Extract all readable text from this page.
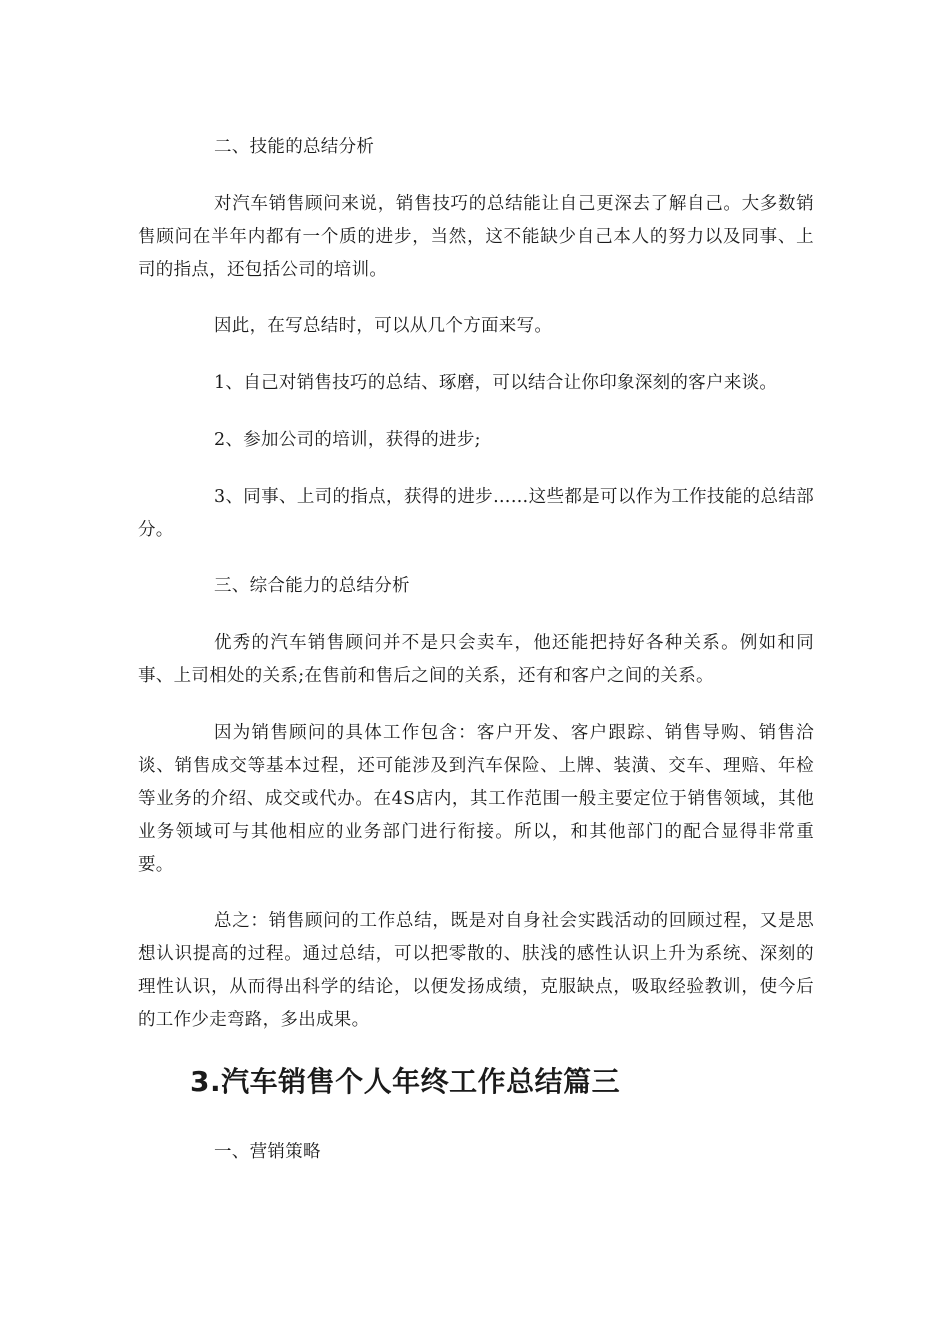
二、技能的总结分析

对汽车销售顾问来说，销售技巧的总结能让自己更深去了解自己。大多数销售顾问在半年内都有一个质的进步，当然，这不能缺少自己本人的努力以及同事、上司的指点，还包括公司的培训。

因此，在写总结时，可以从几个方面来写。

1、自己对销售技巧的总结、琢磨，可以结合让你印象深刻的客户来谈。

2、参加公司的培训，获得的进步;

3、同事、上司的指点，获得的进步……这些都是可以作为工作技能的总结部分。

三、综合能力的总结分析

优秀的汽车销售顾问并不是只会卖车，他还能把持好各种关系。例如和同事、上司相处的关系;在售前和售后之间的关系，还有和客户之间的关系。

因为销售顾问的具体工作包含：客户开发、客户跟踪、销售导购、销售洽谈、销售成交等基本过程，还可能涉及到汽车保险、上牌、装潢、交车、理赔、年检等业务的介绍、成交或代办。在4S店内，其工作范围一般主要定位于销售领域，其他业务领域可与其他相应的业务部门进行衔接。所以，和其他部门的配合显得非常重要。

总之：销售顾问的工作总结，既是对自身社会实践活动的回顾过程，又是思想认识提高的过程。通过总结，可以把零散的、肤浅的感性认识上升为系统、深刻的理性认识，从而得出科学的结论，以便发扬成绩，克服缺点，吸取经验教训，使今后的工作少走弯路，多出成果。

3.汽车销售个人年终工作总结篇三

一、营销策略
